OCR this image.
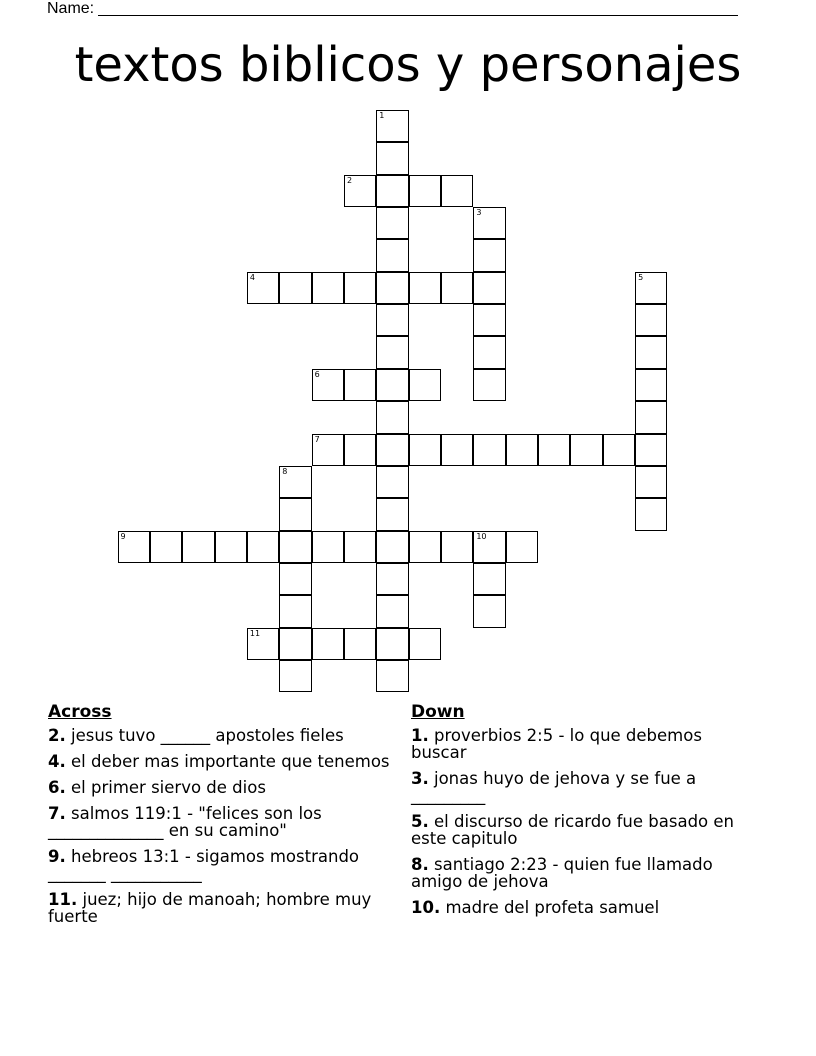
Name:
textos biblicos y personajes
1
2
3
4	5
6
7
8
9	10
11
Across
2. jesus tuvo ______ apostoles fieles
4. el deber mas importante que tenemos
6. el primer siervo de dios
7. salmos 119:1 - "felices son los ______________ en su camino"
9. hebreos 13:1 - sigamos mostrando _______ ___________
11. juez; hijo de manoah; hombre muy fuerte
Down
1. proverbios 2:5 - lo que debemos buscar
3. jonas huyo de jehova y se fue a _________
5. el discurso de ricardo fue basado en este capitulo
8. santiago 2:23 - quien fue llamado amigo de jehova
10. madre del profeta samuel
